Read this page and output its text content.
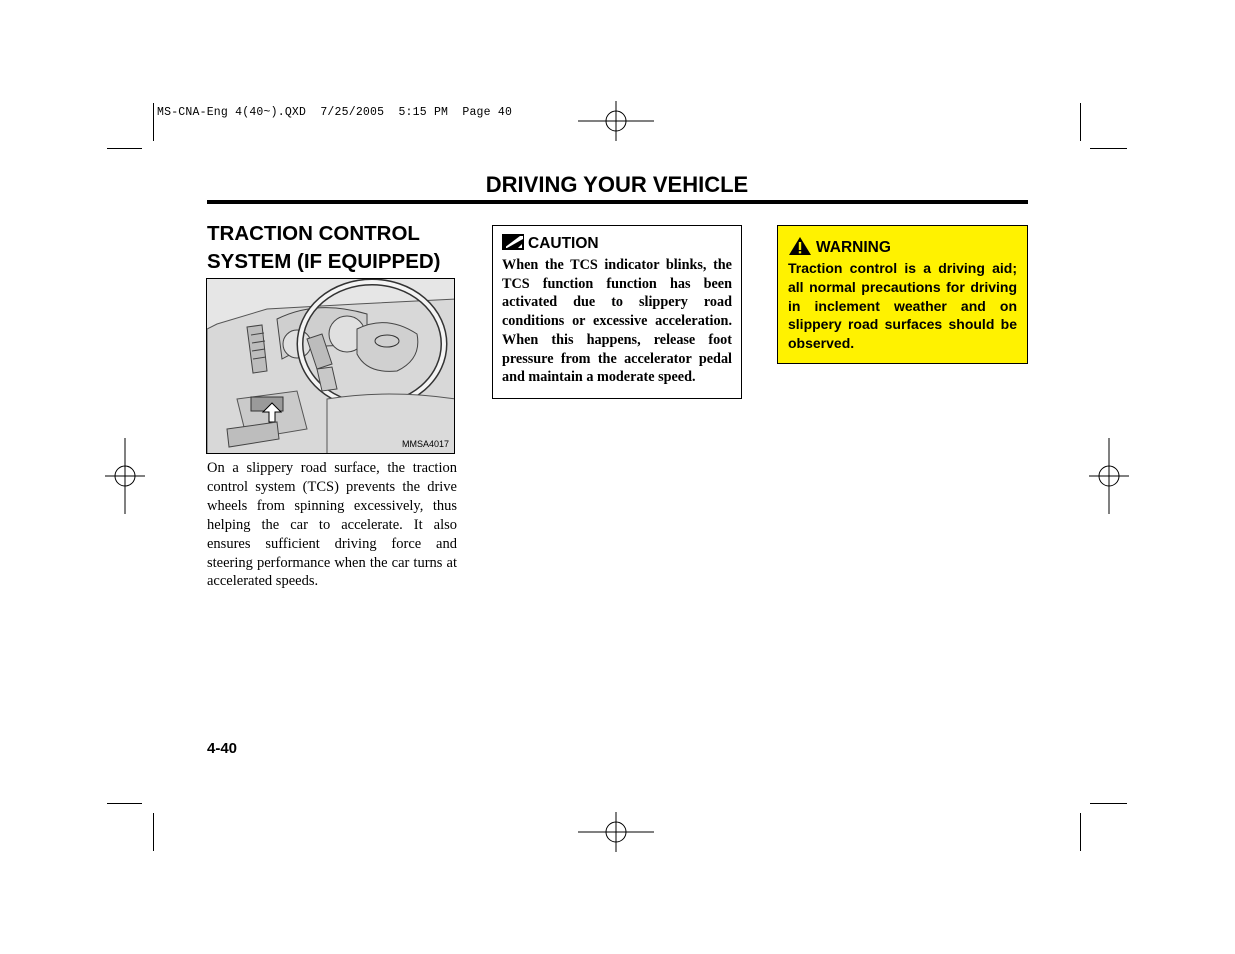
MS-CNA-Eng 4(40~).QXD  7/25/2005  5:15 PM  Page 40
DRIVING YOUR VEHICLE
TRACTION CONTROL
SYSTEM (IF EQUIPPED)
MMSA4017
On a slippery road surface, the traction control system (TCS) prevents the drive wheels from spinning excessively, thus helping the car to accelerate. It also ensures sufficient driving force and steering performance when the car turns at accelerated speeds.
CAUTION
When the TCS indicator blinks, the TCS function function has been activated due to slippery road conditions or excessive acceleration. When this happens, release foot pressure from the accelerator pedal and maintain a moderate speed.
WARNING
Traction control is a driving aid; all normal precautions for driving in inclement weather and on slippery road surfaces should be observed.
4-40
